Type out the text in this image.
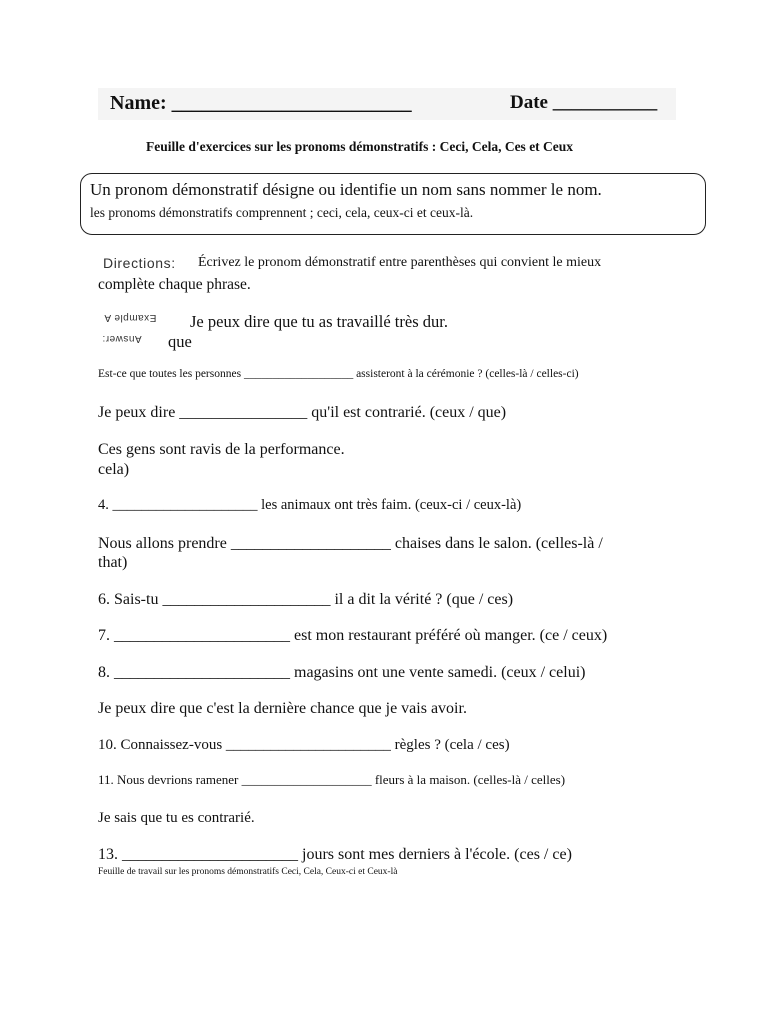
Name: ________________________	Date ___________
Feuille d'exercices sur les pronoms démonstratifs : Ceci, Cela, Ces et Ceux
Un pronom démonstratif désigne ou identifie un nom sans nommer le nom.
les pronoms démonstratifs comprennent ; ceci, cela, ceux-ci et ceux-là.
Directions: Écrivez le pronom démonstratif entre parenthèses qui convient le mieux
complète chaque phrase.
Example A
Answer:
Je peux dire que tu as travaillé très dur.
que
Est-ce que toutes les personnes ___________________ assisteront à la cérémonie ? (celles-là / celles-ci)
Je peux dire ________________ qu'il est contrarié. (ceux / que)
Ces gens sont ravis de la performance.
cela)
4. ____________________ les animaux ont très faim. (ceux-ci / ceux-là)
Nous allons prendre ____________________ chaises dans le salon. (celles-là /
that)
6. Sais-tu _____________________ il a dit la vérité ? (que / ces)
7. ______________________ est mon restaurant préféré où manger. (ce / ceux)
8. ______________________ magasins ont une vente samedi. (ceux / celui)
Je peux dire que c'est la dernière chance que je vais avoir.
10. Connaissez-vous ______________________ règles ? (cela / ces)
11. Nous devrions ramener ____________________ fleurs à la maison. (celles-là / celles)
Je sais que tu es contrarié.
13. ______________________ jours sont mes derniers à l'école. (ces / ce)
Feuille de travail sur les pronoms démonstratifs Ceci, Cela, Ceux-ci et Ceux-là
